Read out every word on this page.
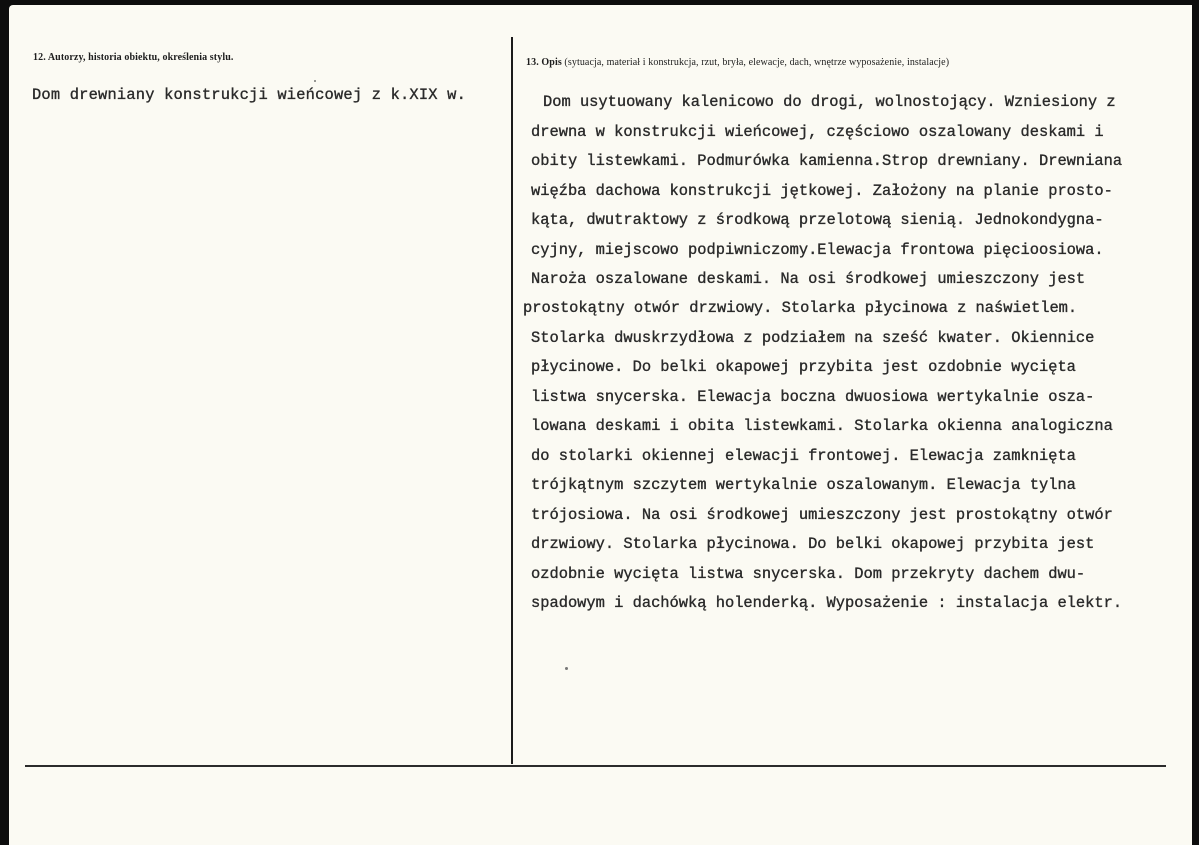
12. Autorzy, historia obiektu, określenia stylu.
Dom drewniany konstrukcji wieńcowej z k.XIX w.
13. Opis (sytuacja, materiał i konstrukcja, rzut, bryła, elewacje, dach, wnętrze wyposażenie, instalacje)
Dom usytuowany kalenicowo do drogi, wolnostojący. Wzniesiony z
drewna w konstrukcji wieńcowej, częściowo oszalowany deskami i
obity listewkami. Podmurówka kamienna.Strop drewniany. Drewniana
więźba dachowa konstrukcji jętkowej. Założony na planie prosto-
kąta, dwutraktowy z środkową przelotową sienią. Jednokondygna-
cyjny, miejscowo podpiwniczomy.Elewacja frontowa pięcioosiowa.
Naroża oszalowane deskami. Na osi środkowej umieszczony jest
prostokątny otwór drzwiowy. Stolarka płycinowa z naświetlem.
Stolarka dwuskrzydłowa z podziałem na sześć kwater. Okiennice
płycinowe. Do belki okapowej przybita jest ozdobnie wycięta
listwa snycerska. Elewacja boczna dwuosiowa wertykalnie osza-
lowana deskami i obita listewkami. Stolarka okienna analogiczna
do stolarki okiennej elewacji frontowej. Elewacja zamknięta
trójkątnym szczytem wertykalnie oszalowanym. Elewacja tylna
trójosiowa. Na osi środkowej umieszczony jest prostokątny otwór
drzwiowy. Stolarka płycinowa. Do belki okapowej przybita jest
ozdobnie wycięta listwa snycerska. Dom przekryty dachem dwu-
spadowym i dachówką holenderką. Wyposażenie : instalacja elektr.
